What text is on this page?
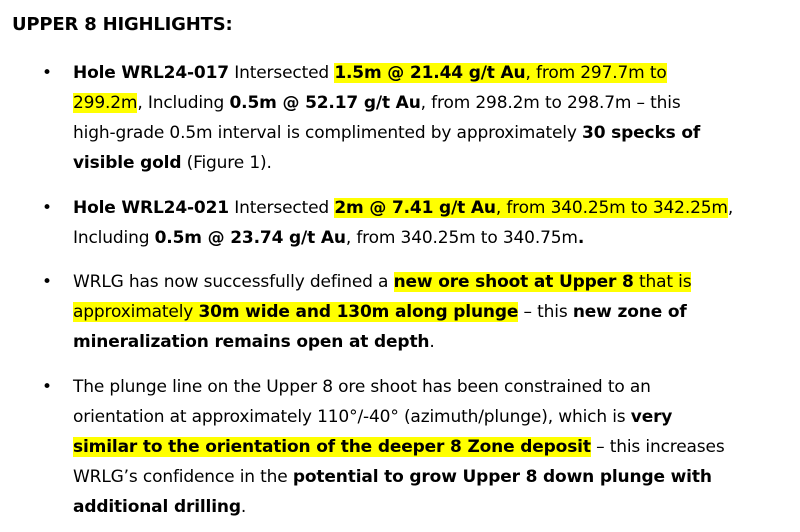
UPPER 8 HIGHLIGHTS:
• Hole WRL24-017 Intersected 1.5m @ 21.44 g/t Au, from 297.7m to
299.2m, Including 0.5m @ 52.17 g/t Au, from 298.2m to 298.7m – this
high-grade 0.5m interval is complimented by approximately 30 specks of
visible gold (Figure 1).
• Hole WRL24-021 Intersected 2m @ 7.41 g/t Au, from 340.25m to 342.25m,
Including 0.5m @ 23.74 g/t Au, from 340.25m to 340.75m.
• WRLG has now successfully defined a new ore shoot at Upper 8 that is
approximately 30m wide and 130m along plunge – this new zone of
mineralization remains open at depth.
• The plunge line on the Upper 8 ore shoot has been constrained to an
orientation at approximately 110°/-40° (azimuth/plunge), which is very
similar to the orientation of the deeper 8 Zone deposit – this increases
WRLG’s confidence in the potential to grow Upper 8 down plunge with
additional drilling.
